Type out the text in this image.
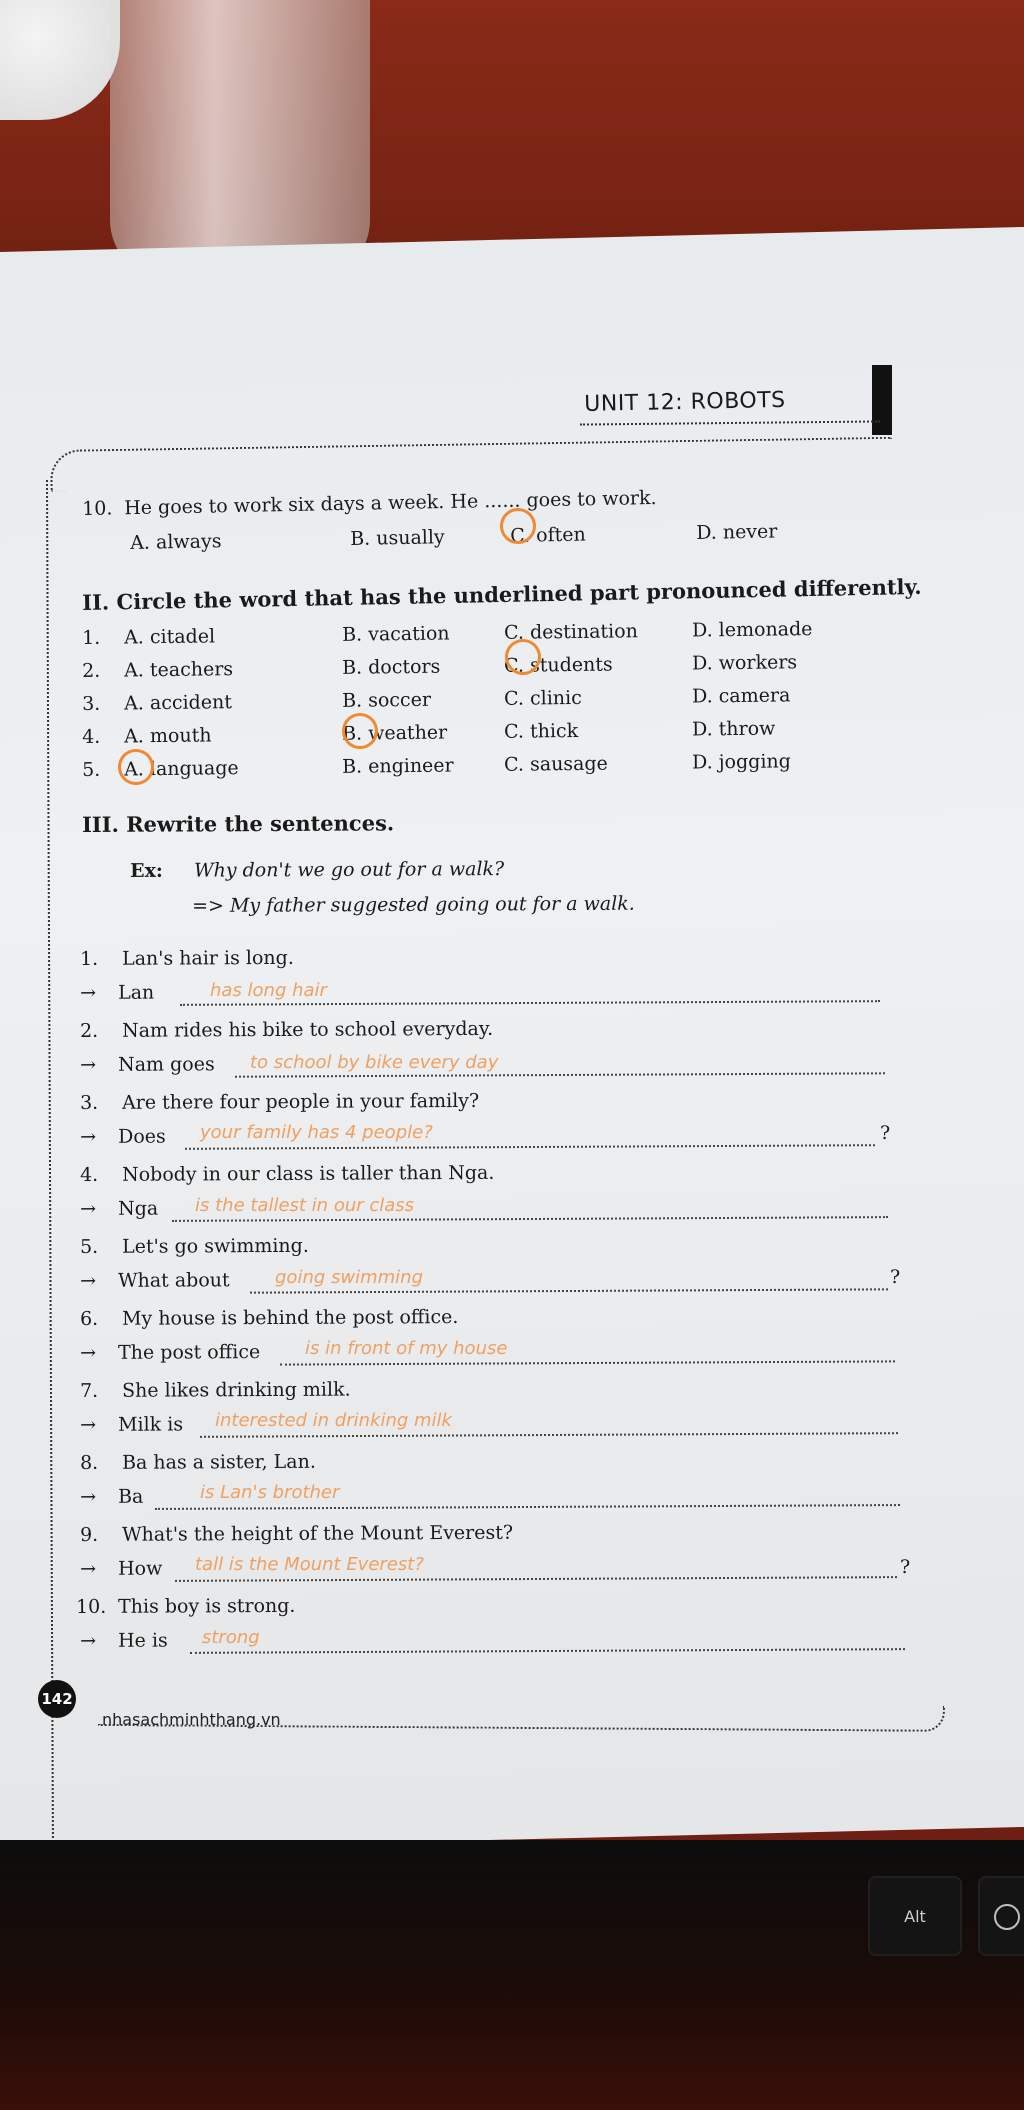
UNIT 12: ROBOTS
10. He goes to work six days a week. He ...... goes to work.
A. always	B. usually	C. often	D. never
II. Circle the word that has the underlined part pronounced differently.
1. A. citadel	B. vacation	C. destination	D. lemonade
2. A. teachers	B. doctors	C. students	D. workers
3. A. accident	B. soccer	C. clinic	D. camera
4. A. mouth	B. weather	C. thick	D. throw
5. A. language	B. engineer	C. sausage	D. jogging
III. Rewrite the sentences.
Ex: Why don't we go out for a walk?
=> My father suggested going out for a walk.
1. Lan's hair is long.
→ Lan	has long hair
2. Nam rides his bike to school everyday.
→ Nam goes to school by bike every day
3. Are there four people in your family?
→ Does your family has 4 people?	?
4. Nobody in our class is taller than Nga.
→ Nga is the tallest in our class
5. Let's go swimming.
→ What about	going swimming	?
6. My house is behind the post office.
→ The post office is in front of my house
7. She likes drinking milk.
→ Milk is interested in drinking milk
8. Ba has a sister, Lan.
→ Ba	is Lan's brother
9. What's the height of the Mount Everest?
→ How tall is the Mount Everest?	?
10. This boy is strong.
→ He is strong
142
nhasachminhthang.vn
Alt
